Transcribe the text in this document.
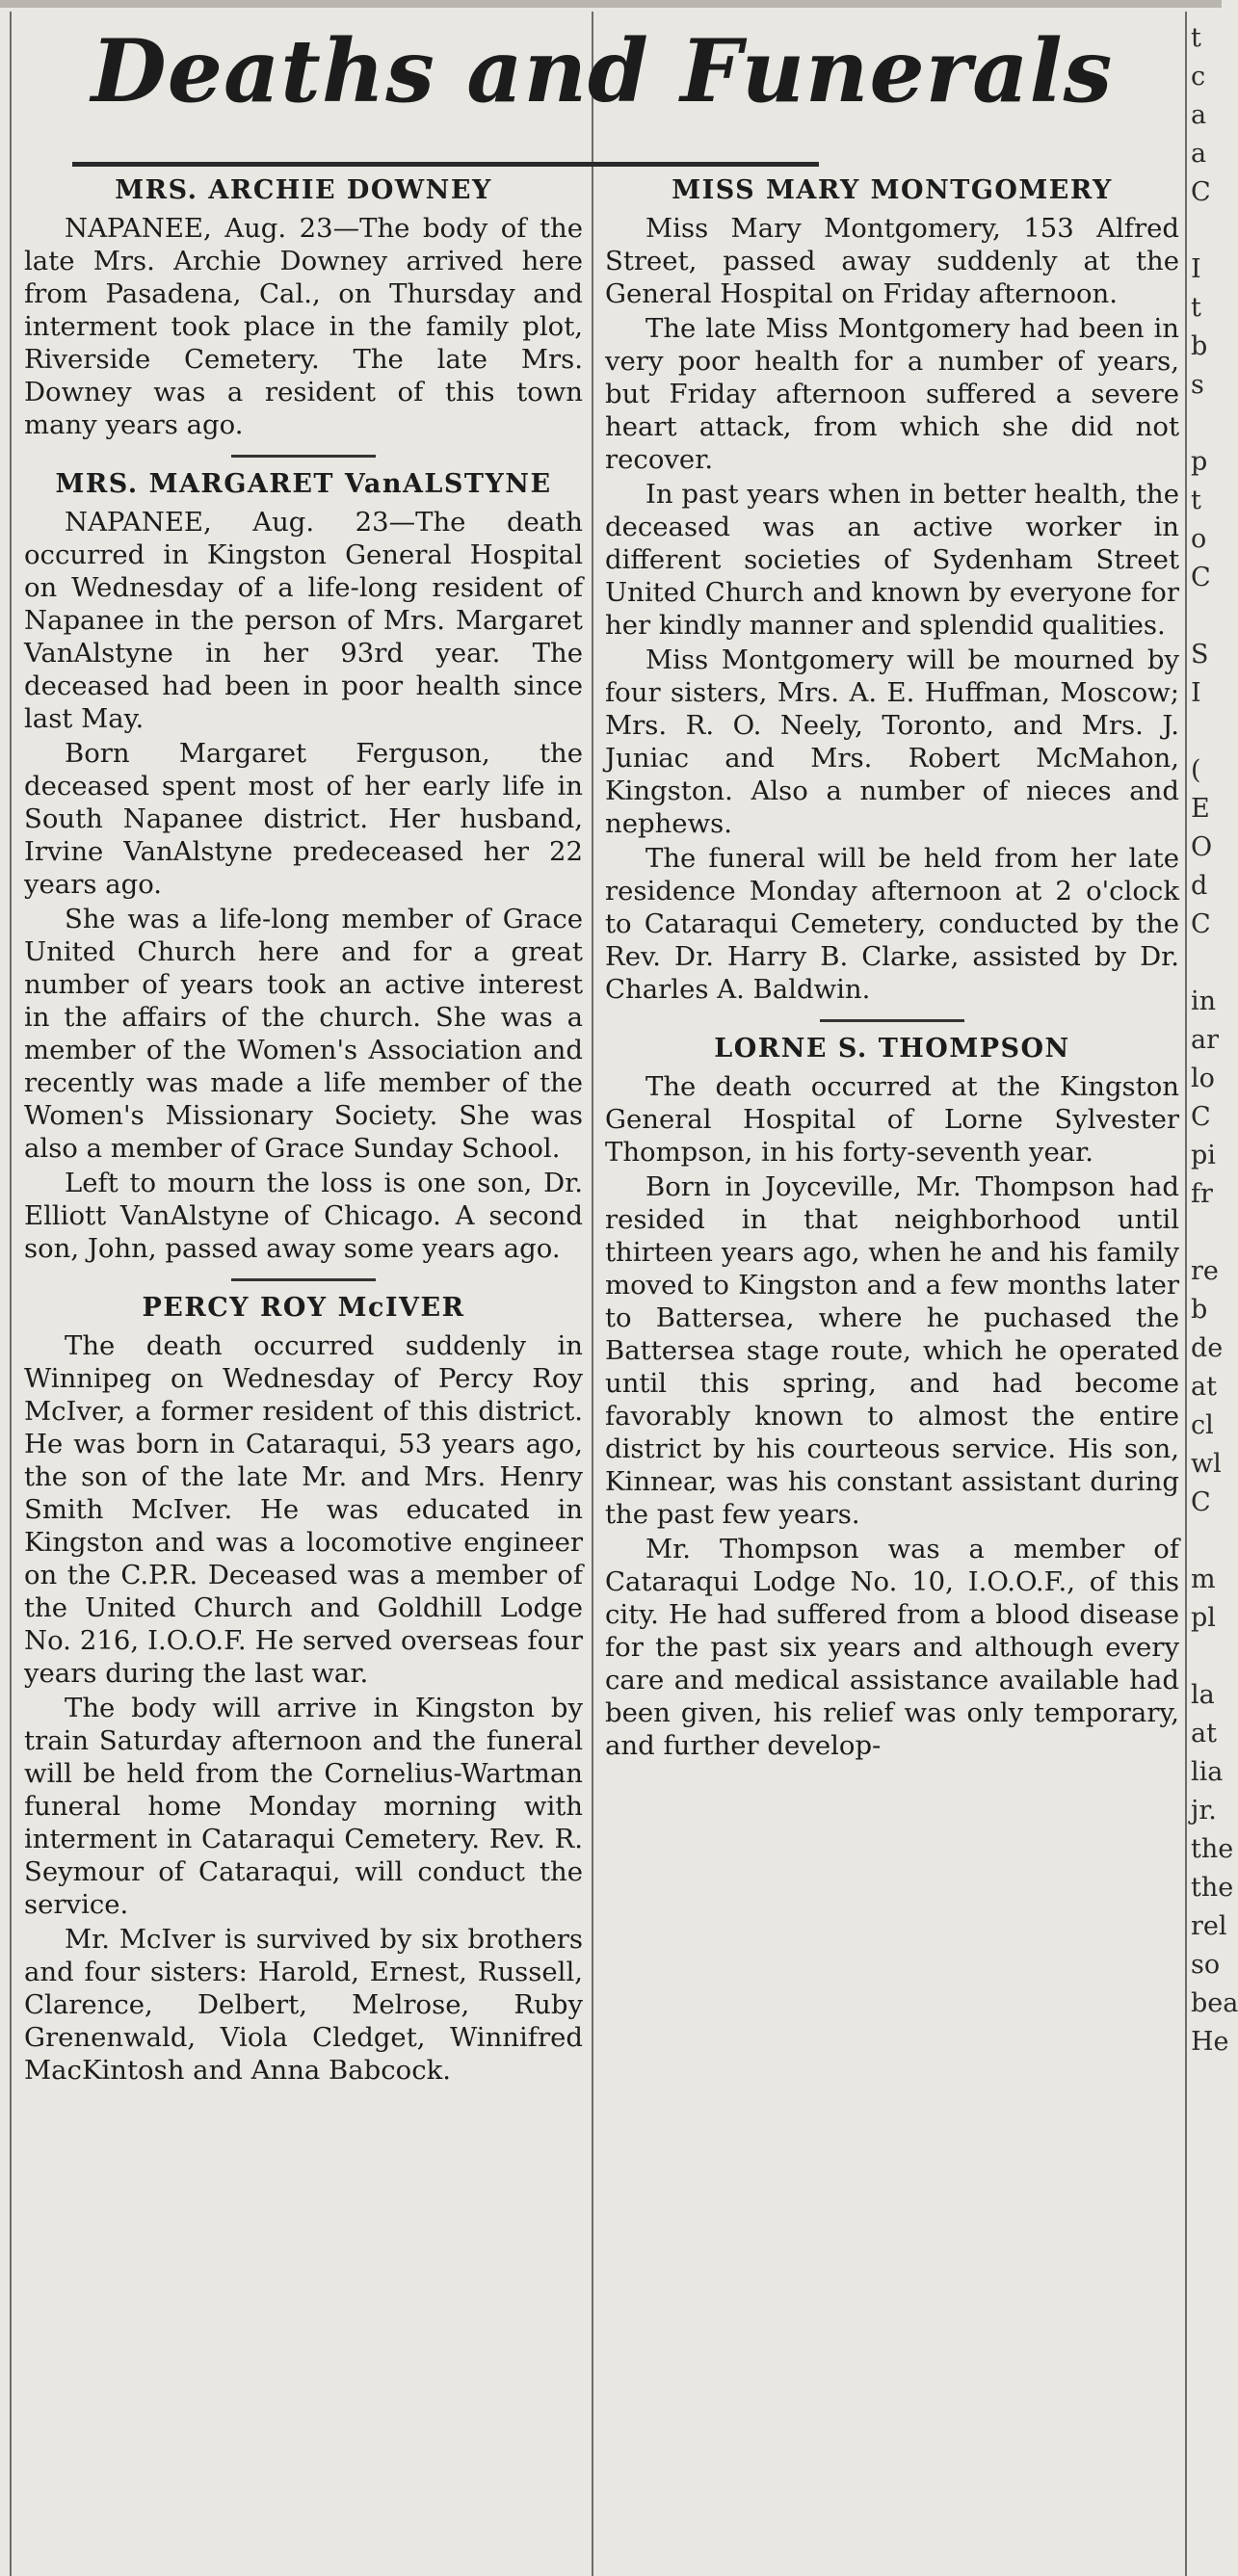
Deaths and Funerals
MRS. ARCHIE DOWNEY

NAPANEE, Aug. 23—The body of the late Mrs. Archie Downey arrived here from Pasadena, Cal., on Thursday and interment took place in the family plot, Riverside Cemetery. The late Mrs. Downey was a resident of this town many years ago.

MRS. MARGARET VanALSTYNE

NAPANEE, Aug. 23—The death occurred in Kingston General Hospital on Wednesday of a life-long resident of Napanee in the person of Mrs. Margaret VanAlstyne in her 93rd year. The deceased had been in poor health since last May.

Born Margaret Ferguson, the deceased spent most of her early life in South Napanee district. Her husband, Irvine VanAlstyne predeceased her 22 years ago.

She was a life-long member of Grace United Church here and for a great number of years took an active interest in the affairs of the church. She was a member of the Women's Association and recently was made a life member of the Women's Missionary Society. She was also a member of Grace Sunday School.

Left to mourn the loss is one son, Dr. Elliott VanAlstyne of Chicago. A second son, John, passed away some years ago.

PERCY ROY McIVER

The death occurred suddenly in Winnipeg on Wednesday of Percy Roy McIver, a former resident of this district. He was born in Cataraqui, 53 years ago, the son of the late Mr. and Mrs. Henry Smith McIver. He was educated in Kingston and was a locomotive engineer on the C.P.R. Deceased was a member of the United Church and Goldhill Lodge No. 216, I.O.O.F. He served overseas four years during the last war.

The body will arrive in Kingston by train Saturday afternoon and the funeral will be held from the Cornelius-Wartman funeral home Monday morning with interment in Cataraqui Cemetery. Rev. R. Seymour of Cataraqui, will conduct the service.

Mr. McIver is survived by six brothers and four sisters: Harold, Ernest, Russell, Clarence, Delbert, Melrose, Ruby Grenenwald, Viola Cledget, Winnifred MacKintosh and Anna Babcock.

MISS MARY MONTGOMERY

Miss Mary Montgomery, 153 Alfred Street, passed away suddenly at the General Hospital on Friday afternoon.

The late Miss Montgomery had been in very poor health for a number of years, but Friday afternoon suffered a severe heart attack, from which she did not recover.

In past years when in better health, the deceased was an active worker in different societies of Sydenham Street United Church and known by everyone for her kindly manner and splendid qualities.

Miss Montgomery will be mourned by four sisters, Mrs. A. E. Huffman, Moscow; Mrs. R. O. Neely, Toronto, and Mrs. J. Juniac and Mrs. Robert McMahon, Kingston. Also a number of nieces and nephews.

The funeral will be held from her late residence Monday afternoon at 2 o'clock to Cataraqui Cemetery, conducted by the Rev. Dr. Harry B. Clarke, assisted by Dr. Charles A. Baldwin.

LORNE S. THOMPSON

The death occurred at the Kingston General Hospital of Lorne Sylvester Thompson, in his forty-seventh year.

Born in Joyceville, Mr. Thompson had resided in that neighborhood until thirteen years ago, when he and his family moved to Kingston and a few months later to Battersea, where he puchased the Battersea stage route, which he operated until this spring, and had become favorably known to almost the entire district by his courteous service. His son, Kinnear, was his constant assistant during the past few years.

Mr. Thompson was a member of Cataraqui Lodge No. 10, I.O.O.F., of this city. He had suffered from a blood disease for the past six years and although every care and medical assistance available had been given, his relief was only temporary, and further develop-

t
c
a
a
C
I
t
b
s
p
t
o
C
S
I
(
E
O
d
C
in
ar
lo
C
pi
fr
re
b
de
at
cl
wl
C
m
pl
la
at
lia
jr.
the
the
rel
so
bea
He
